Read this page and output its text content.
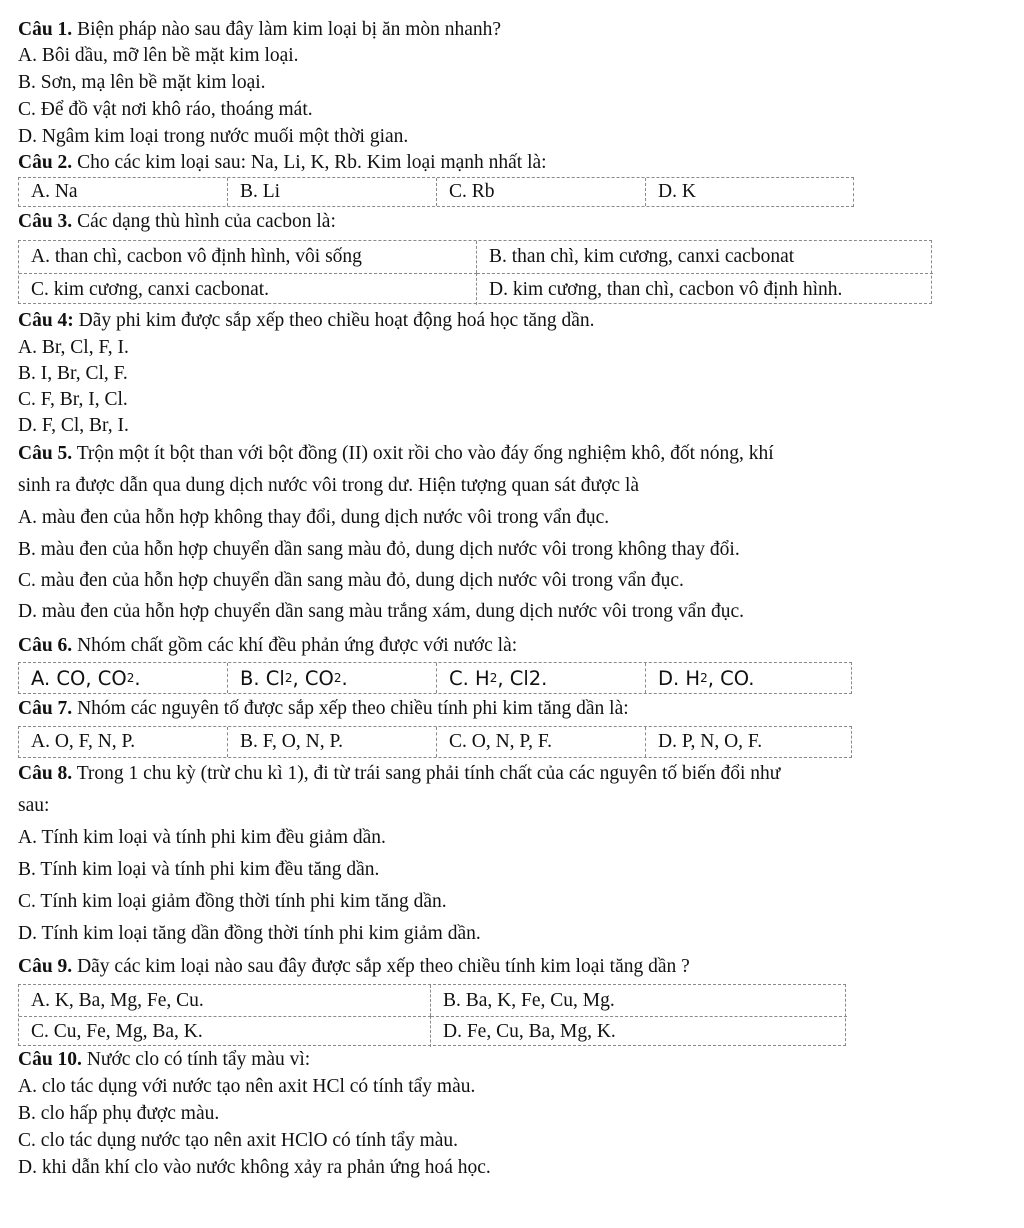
Câu 1. Biện pháp nào sau đây làm kim loại bị ăn mòn nhanh?
A. Bôi dầu, mỡ lên bề mặt kim loại.
B. Sơn, mạ lên bề mặt kim loại.
C. Để đồ vật nơi khô ráo, thoáng mát.
D. Ngâm kim loại trong nước muối một thời gian.
Câu 2. Cho các kim loại sau: Na, Li, K, Rb. Kim loại mạnh nhất là:
A. Na	B. Li	C. Rb	D. K
Câu 3. Các dạng thù hình của cacbon là:
A. than chì, cacbon vô định hình, vôi sống	B. than chì, kim cương, canxi cacbonat
C. kim cương, canxi cacbonat.	D. kim cương, than chì, cacbon vô định hình.
Câu 4: Dãy phi kim được sắp xếp theo chiều hoạt động hoá học tăng dần.
A. Br, Cl, F, I.
B. I, Br, Cl, F.
C. F, Br, I, Cl.
D. F, Cl, Br, I.
Câu 5. Trộn một ít bột than với bột đồng (II) oxit rồi cho vào đáy ống nghiệm khô, đốt nóng, khí
sinh ra được dẫn qua dung dịch nước vôi trong dư. Hiện tượng quan sát được là
A. màu đen của hỗn hợp không thay đổi, dung dịch nước vôi trong vẩn đục.
B. màu đen của hỗn hợp chuyển dần sang màu đỏ, dung dịch nước vôi trong không thay đổi.
C. màu đen của hỗn hợp chuyển dần sang màu đỏ, dung dịch nước vôi trong vẩn đục.
D. màu đen của hỗn hợp chuyển dần sang màu trắng xám, dung dịch nước vôi trong vẩn đục.
Câu 6. Nhóm chất gồm các khí đều phản ứng được với nước là:
A. CO, CO 2 .	B. Cl 2 , CO 2 .	C. H 2 , Cl2.	D. H 2 , CO.
Câu 7. Nhóm các nguyên tố được sắp xếp theo chiều tính phi kim tăng dần là:
A. O, F, N, P.	B. F, O, N, P.	C. O, N, P, F.	D. P, N, O, F.
Câu 8. Trong 1 chu kỳ (trừ chu kì 1), đi từ trái sang phải tính chất của các nguyên tố biến đổi như
sau:
A. Tính kim loại và tính phi kim đều giảm dần.
B. Tính kim loại và tính phi kim đều tăng dần.
C. Tính kim loại giảm đồng thời tính phi kim tăng dần.
D. Tính kim loại tăng dần đồng thời tính phi kim giảm dần.
Câu 9. Dãy các kim loại nào sau đây được sắp xếp theo chiều tính kim loại tăng dần ?
A. K, Ba, Mg, Fe, Cu.	B. Ba, K, Fe, Cu, Mg.
C. Cu, Fe, Mg, Ba, K.	D. Fe, Cu, Ba, Mg, K.
Câu 10. Nước clo có tính tẩy màu vì:
A. clo tác dụng với nước tạo nên axit HCl có tính tẩy màu.
B. clo hấp phụ được màu.
C. clo tác dụng nước tạo nên axit HClO có tính tẩy màu.
D. khi dẫn khí clo vào nước không xảy ra phản ứng hoá học.
